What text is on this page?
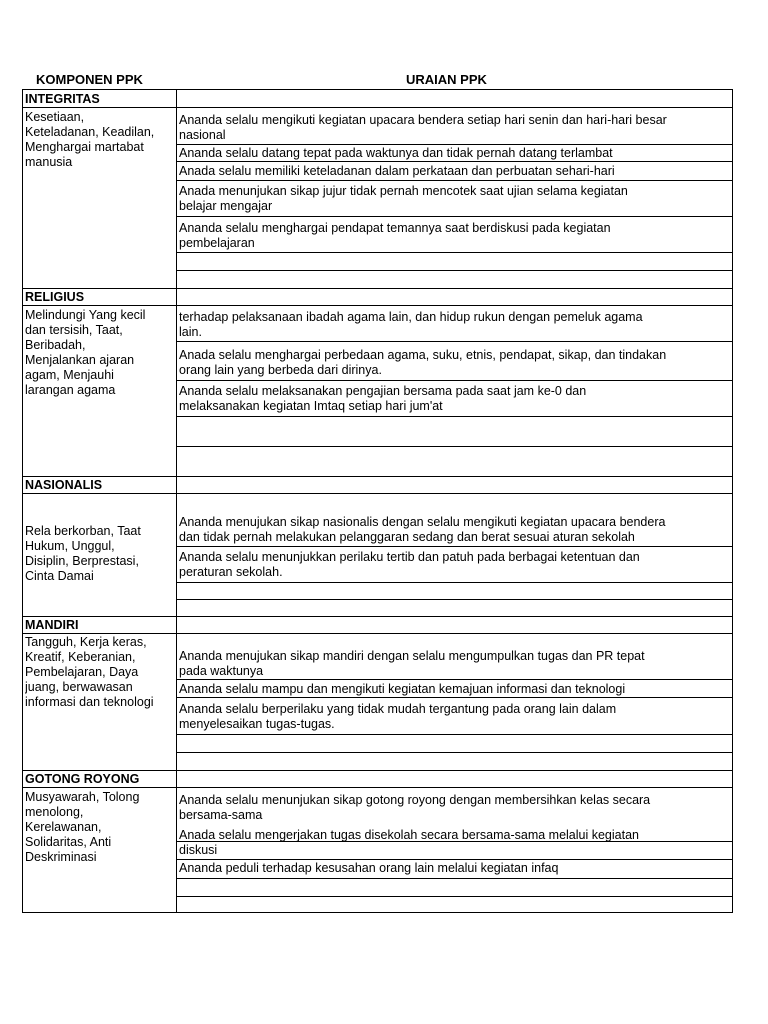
KOMPONEN PPK	URAIAN PPK
INTEGRITAS
Kesetiaan,
Keteladanan, Keadilan,
Menghargai martabat
manusia
Ananda selalu mengikuti kegiatan upacara bendera setiap hari senin dan hari-hari besar
nasional
Ananda selalu datang tepat pada waktunya dan tidak pernah datang terlambat
Anada selalu memiliki keteladanan dalam perkataan dan perbuatan sehari-hari
Anada menunjukan sikap jujur tidak pernah mencotek saat ujian selama kegiatan
belajar mengajar
Ananda selalu menghargai pendapat temannya saat berdiskusi pada kegiatan
pembelajaran
RELIGIUS
Melindungi Yang kecil
dan tersisih, Taat,
Beribadah,
Menjalankan ajaran
agam, Menjauhi
larangan agama
terhadap pelaksanaan ibadah agama lain, dan hidup rukun dengan pemeluk agama
lain.
Anada selalu menghargai perbedaan agama, suku, etnis, pendapat, sikap, dan tindakan
orang lain yang berbeda dari dirinya.
Ananda selalu melaksanakan pengajian bersama pada saat jam ke-0 dan
melaksanakan kegiatan Imtaq setiap hari jum'at
NASIONALIS
Rela berkorban, Taat
Hukum, Unggul,
Disiplin, Berprestasi,
Cinta Damai
Ananda menujukan sikap nasionalis dengan selalu mengikuti kegiatan upacara bendera
dan tidak pernah melakukan pelanggaran sedang dan berat sesuai aturan sekolah
Ananda selalu menunjukkan perilaku tertib dan patuh pada berbagai ketentuan dan
peraturan sekolah.
MANDIRI
Tangguh, Kerja keras,
Kreatif, Keberanian,
Pembelajaran, Daya
juang, berwawasan
informasi dan teknologi
Ananda menujukan sikap mandiri dengan selalu mengumpulkan tugas dan PR tepat
pada waktunya
Ananda selalu mampu dan mengikuti kegiatan kemajuan informasi dan teknologi
Ananda selalu berperilaku yang tidak mudah tergantung pada orang lain dalam
menyelesaikan tugas-tugas.
GOTONG ROYONG
Musyawarah, Tolong
menolong,
Kerelawanan,
Solidaritas, Anti
Deskriminasi
Ananda selalu menunjukan sikap gotong royong dengan membersihkan kelas secara
bersama-sama
Anada selalu mengerjakan tugas disekolah secara bersama-sama melalui kegiatan
diskusi
Ananda peduli terhadap kesusahan orang lain melalui kegiatan infaq
